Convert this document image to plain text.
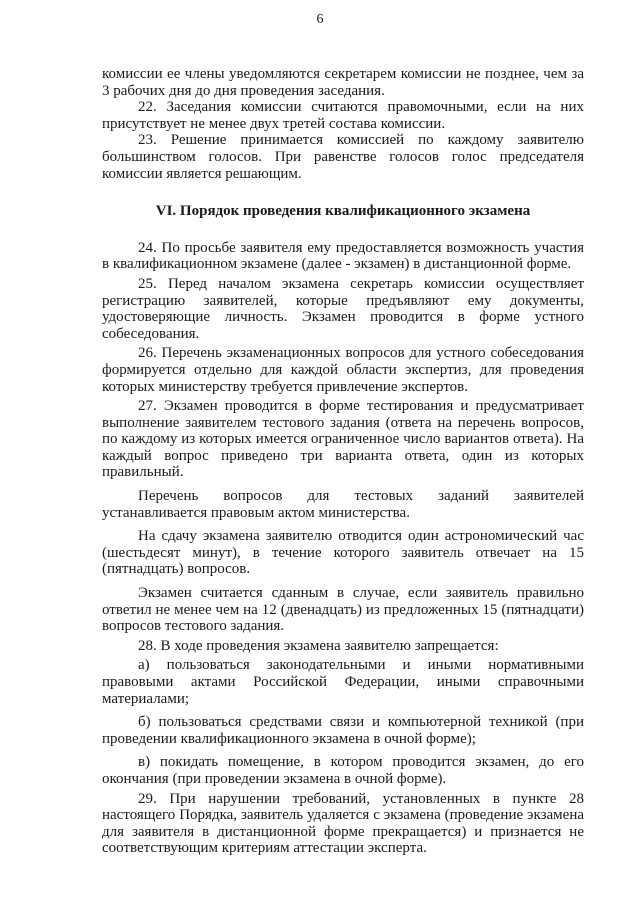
6

комиссии ее члены уведомляются секретарем комиссии не позднее, чем за 3 рабочих дня до дня проведения заседания.

22. Заседания комиссии считаются правомочными, если на них присутствует не менее двух третей состава комиссии.

23. Решение принимается комиссией по каждому заявителю большинством голосов. При равенстве голосов голос председателя комиссии является решающим.

VI. Порядок проведения квалификационного экзамена

24. По просьбе заявителя ему предоставляется возможность участия в квалификационном экзамене (далее - экзамен) в дистанционной форме.

25. Перед началом экзамена секретарь комиссии осуществляет регистрацию заявителей, которые предъявляют ему документы, удостоверяющие личность. Экзамен проводится в форме устного собеседования.

26. Перечень экзаменационных вопросов для устного собеседования формируется отдельно для каждой области экспертиз, для проведения которых министерству требуется привлечение экспертов.

27. Экзамен проводится в форме тестирования и предусматривает выполнение заявителем тестового задания (ответа на перечень вопросов, по каждому из которых имеется ограниченное число вариантов ответа). На каждый вопрос приведено три варианта ответа, один из которых правильный.

Перечень вопросов для тестовых заданий заявителей устанавливается правовым актом министерства.

На сдачу экзамена заявителю отводится один астрономический час (шестьдесят минут), в течение которого заявитель отвечает на 15 (пятнадцать) вопросов.

Экзамен считается сданным в случае, если заявитель правильно ответил не менее чем на 12 (двенадцать) из предложенных 15 (пятнадцати) вопросов тестового задания.

28. В ходе проведения экзамена заявителю запрещается:

а) пользоваться законодательными и иными нормативными правовыми актами Российской Федерации, иными справочными материалами;

б) пользоваться средствами связи и компьютерной техникой (при проведении квалификационного экзамена в очной форме);

в) покидать помещение, в котором проводится экзамен, до его окончания (при проведении экзамена в очной форме).

29. При нарушении требований, установленных в пункте 28 настоящего Порядка, заявитель удаляется с экзамена (проведение экзамена для заявителя в дистанционной форме прекращается) и признается не соответствующим критериям аттестации эксперта.
